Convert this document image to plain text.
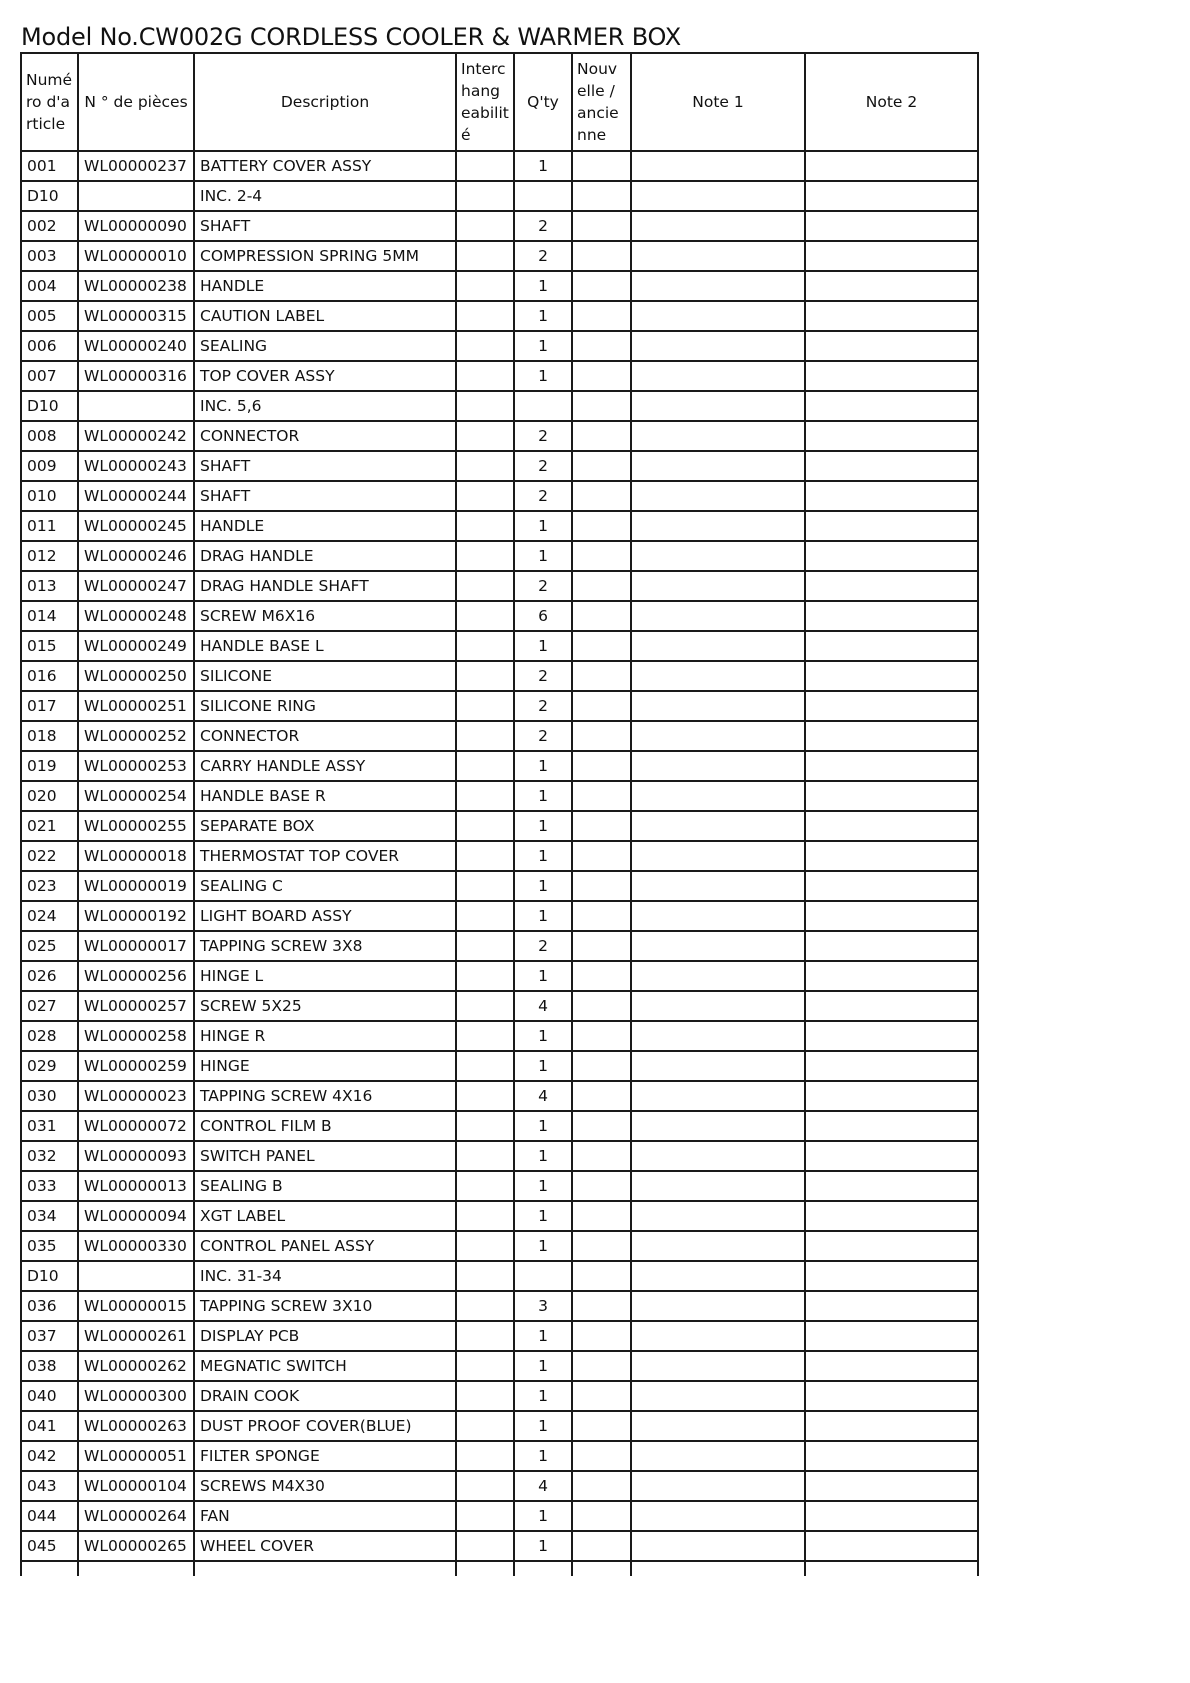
Model No.CW002G CORDLESS COOLER & WARMER BOX
Numé ro d'a rticle	N ° de pièces	Description	Interc hang eabilit é	Q'ty	Nouv elle / ancie nne	Note 1	Note 2
001	WL00000237	BATTERY COVER ASSY		1			
D10		INC. 2-4					
002	WL00000090	SHAFT		2			
003	WL00000010	COMPRESSION SPRING 5MM		2			
004	WL00000238	HANDLE		1			
005	WL00000315	CAUTION LABEL		1			
006	WL00000240	SEALING		1			
007	WL00000316	TOP COVER ASSY		1			
D10		INC. 5,6					
008	WL00000242	CONNECTOR		2			
009	WL00000243	SHAFT		2			
010	WL00000244	SHAFT		2			
011	WL00000245	HANDLE		1			
012	WL00000246	DRAG HANDLE		1			
013	WL00000247	DRAG HANDLE SHAFT		2			
014	WL00000248	SCREW M6X16		6			
015	WL00000249	HANDLE BASE L		1			
016	WL00000250	SILICONE		2			
017	WL00000251	SILICONE RING		2			
018	WL00000252	CONNECTOR		2			
019	WL00000253	CARRY HANDLE ASSY		1			
020	WL00000254	HANDLE BASE R		1			
021	WL00000255	SEPARATE BOX		1			
022	WL00000018	THERMOSTAT TOP COVER		1			
023	WL00000019	SEALING C		1			
024	WL00000192	LIGHT BOARD ASSY		1			
025	WL00000017	TAPPING SCREW 3X8		2			
026	WL00000256	HINGE L		1			
027	WL00000257	SCREW 5X25		4			
028	WL00000258	HINGE R		1			
029	WL00000259	HINGE		1			
030	WL00000023	TAPPING SCREW 4X16		4			
031	WL00000072	CONTROL FILM B		1			
032	WL00000093	SWITCH PANEL		1			
033	WL00000013	SEALING B		1			
034	WL00000094	XGT LABEL		1			
035	WL00000330	CONTROL PANEL ASSY		1			
D10		INC. 31-34					
036	WL00000015	TAPPING SCREW 3X10		3			
037	WL00000261	DISPLAY PCB		1			
038	WL00000262	MEGNATIC SWITCH		1			
040	WL00000300	DRAIN COOK		1			
041	WL00000263	DUST PROOF COVER(BLUE)		1			
042	WL00000051	FILTER SPONGE		1			
043	WL00000104	SCREWS M4X30		4			
044	WL00000264	FAN		1			
045	WL00000265	WHEEL COVER		1			
